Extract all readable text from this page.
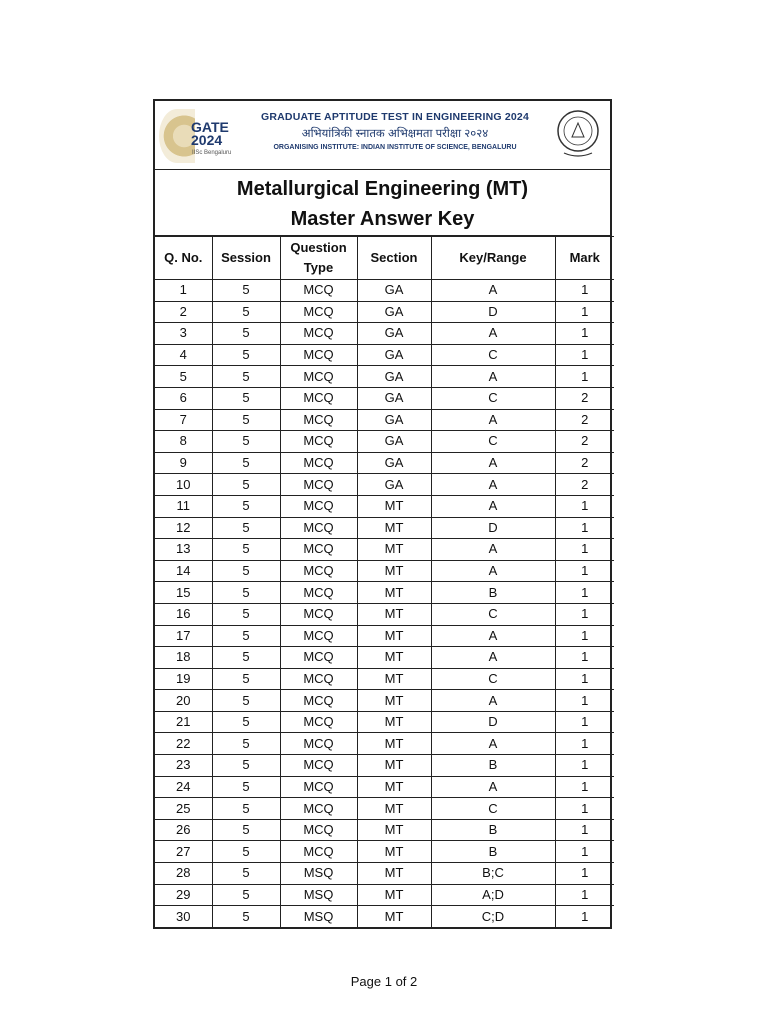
GATE 2024
IISc Bengaluru
GRADUATE APTITUDE TEST IN ENGINEERING 2024
अभियांत्रिकी स्नातक अभिक्षमता परीक्षा २०२४
ORGANISING INSTITUTE: INDIAN INSTITUTE OF SCIENCE, BENGALURU
Metallurgical Engineering (MT)
Master Answer Key
Q. No.	Session	Question Type	Section	Key/Range	Mark
1	5	MCQ	GA	A	1
2	5	MCQ	GA	D	1
3	5	MCQ	GA	A	1
4	5	MCQ	GA	C	1
5	5	MCQ	GA	A	1
6	5	MCQ	GA	C	2
7	5	MCQ	GA	A	2
8	5	MCQ	GA	C	2
9	5	MCQ	GA	A	2
10	5	MCQ	GA	A	2
11	5	MCQ	MT	A	1
12	5	MCQ	MT	D	1
13	5	MCQ	MT	A	1
14	5	MCQ	MT	A	1
15	5	MCQ	MT	B	1
16	5	MCQ	MT	C	1
17	5	MCQ	MT	A	1
18	5	MCQ	MT	A	1
19	5	MCQ	MT	C	1
20	5	MCQ	MT	A	1
21	5	MCQ	MT	D	1
22	5	MCQ	MT	A	1
23	5	MCQ	MT	B	1
24	5	MCQ	MT	A	1
25	5	MCQ	MT	C	1
26	5	MCQ	MT	B	1
27	5	MCQ	MT	B	1
28	5	MSQ	MT	B;C	1
29	5	MSQ	MT	A;D	1
30	5	MSQ	MT	C;D	1
Page 1 of 2
